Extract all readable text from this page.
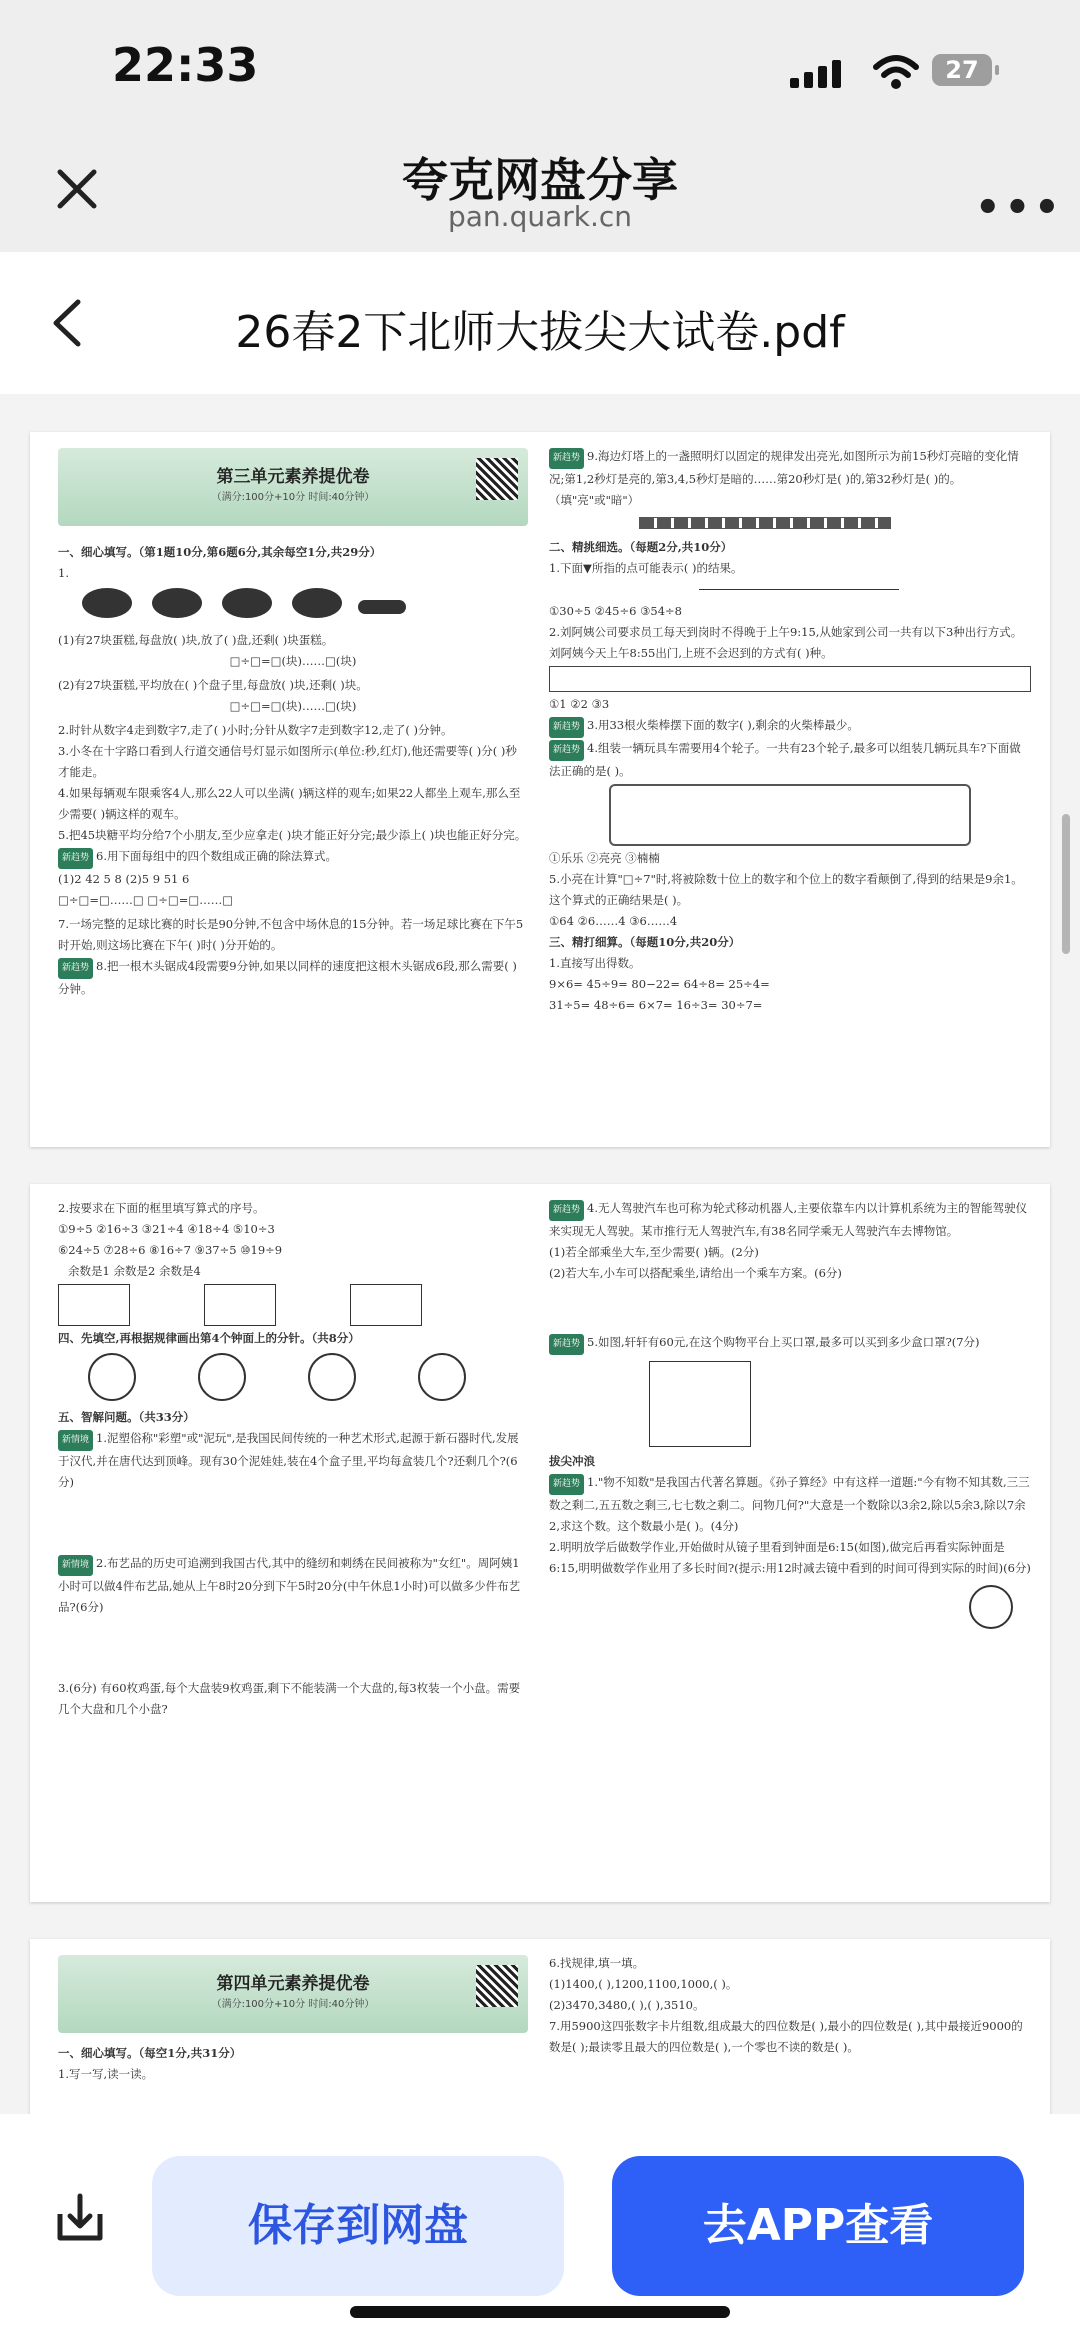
22:33	27
夸克网盘分享
pan.quark.cn	•••
26春2下北师大拔尖大试卷.pdf
第三单元素养提优卷
（满分:100分+10分 时间:40分钟）
一、细心填写。（第1题10分,第6题6分,其余每空1分,共29分）
1.
(1)有27块蛋糕,每盘放( )块,放了( )盘,还剩( )块蛋糕。
□÷□=□(块)……□(块)
(2)有27块蛋糕,平均放在( )个盘子里,每盘放( )块,还剩( )块。
□÷□=□(块)……□(块)
2.时针从数字4走到数字7,走了( )小时;分针从数字7走到数字12,走了( )分钟。
3.小冬在十字路口看到人行道交通信号灯显示如图所示(单位:秒,红灯),他还需要等( )分( )秒才能走。
4.如果每辆观车限乘客4人,那么22人可以坐满( )辆这样的观车;如果22人都坐上观车,那么至少需要( )辆这样的观车。
5.把45块糖平均分给7个小朋友,至少应拿走( )块才能正好分完;最少添上( )块也能正好分完。
新趋势 6.用下面每组中的四个数组成正确的除法算式。
(1)2 42 5 8 (2)5 9 51 6
□÷□=□……□ □÷□=□……□
7.一场完整的足球比赛的时长是90分钟,不包含中场休息的15分钟。若一场足球比赛在下午5时开始,则这场比赛在下午( )时( )分开始的。
新趋势 8.把一根木头锯成4段需要9分钟,如果以同样的速度把这根木头锯成6段,那么需要( )分钟。
新趋势 9.海边灯塔上的一盏照明灯以固定的规律发出亮光,如图所示为前15秒灯亮暗的变化情况;第1,2秒灯是亮的,第3,4,5秒灯是暗的……第20秒灯是( )的,第32秒灯是( )的。（填"亮"或"暗"）
二、精挑细选。（每题2分,共10分）
1.下面▼所指的点可能表示( )的结果。
①30÷5 ②45÷6 ③54÷8
2.刘阿姨公司要求员工每天到岗时不得晚于上午9:15,从她家到公司一共有以下3种出行方式。刘阿姨今天上午8:55出门,上班不会迟到的方式有( )种。
①1 ②2 ③3
新趋势 3.用33根火柴棒摆下面的数字( ),剩余的火柴棒最少。
新趋势 4.组装一辆玩具车需要用4个轮子。一共有23个轮子,最多可以组装几辆玩具车?下面做法正确的是( )。
①乐乐 ②亮亮 ③楠楠
5.小亮在计算"□÷7"时,将被除数十位上的数字和个位上的数字看颠倒了,得到的结果是9余1。这个算式的正确结果是( )。
①64 ②6……4 ③6……4
三、精打细算。（每题10分,共20分）
1.直接写出得数。
9×6= 45÷9= 80−22= 64÷8= 25÷4=
31÷5= 48÷6= 6×7= 16÷3= 30÷7=
2.按要求在下面的框里填写算式的序号。
①9÷5 ②16÷3 ③21÷4 ④18÷4 ⑤10÷3
⑥24÷5 ⑦28÷6 ⑧16÷7 ⑨37÷5 ⑩19÷9
余数是1 余数是2 余数是4
四、先填空,再根据规律画出第4个钟面上的分针。（共8分）
五、智解问题。（共33分）
新情境 1.泥塑俗称"彩塑"或"泥玩",是我国民间传统的一种艺术形式,起源于新石器时代,发展于汉代,并在唐代达到顶峰。现有30个泥娃娃,装在4个盒子里,平均每盒装几个?还剩几个?(6分)
新情境 2.布艺品的历史可追溯到我国古代,其中的缝纫和刺绣在民间被称为"女红"。周阿姨1小时可以做4件布艺品,她从上午8时20分到下午5时20分(中午休息1小时)可以做多少件布艺品?(6分)
3.(6分) 有60枚鸡蛋,每个大盘装9枚鸡蛋,剩下不能装满一个大盘的,每3枚装一个小盘。需要几个大盘和几个小盘?
新趋势 4.无人驾驶汽车也可称为轮式移动机器人,主要依靠车内以计算机系统为主的智能驾驶仪来实现无人驾驶。某市推行无人驾驶汽车,有38名同学乘无人驾驶汽车去博物馆。
(1)若全部乘坐大车,至少需要( )辆。(2分)
(2)若大车,小车可以搭配乘坐,请给出一个乘车方案。(6分)
新趋势 5.如图,轩轩有60元,在这个购物平台上买口罩,最多可以买到多少盒口罩?(7分)
拔尖冲浪
新趋势 1."物不知数"是我国古代著名算题。《孙子算经》中有这样一道题:"今有物不知其数,三三数之剩二,五五数之剩三,七七数之剩二。问物几何?"大意是一个数除以3余2,除以5余3,除以7余2,求这个数。这个数最小是( )。(4分)
2.明明放学后做数学作业,开始做时从镜子里看到钟面是6:15(如图),做完后再看实际钟面是6:15,明明做数学作业用了多长时间?(提示:用12时减去镜中看到的时间可得到实际的时间)(6分)
第四单元素养提优卷
（满分:100分+10分 时间:40分钟）
一、细心填写。（每空1分,共31分）
1.写一写,读一读。
6.找规律,填一填。
(1)1400,( ),1200,1100,1000,( )。
(2)3470,3480,( ),( ),3510。
7.用5900这四张数字卡片组数,组成最大的四位数是( ),最小的四位数是( ),其中最接近9000的数是( );最读零且最大的四位数是( ),一个零也不读的数是( )。
保存到网盘	去APP查看
